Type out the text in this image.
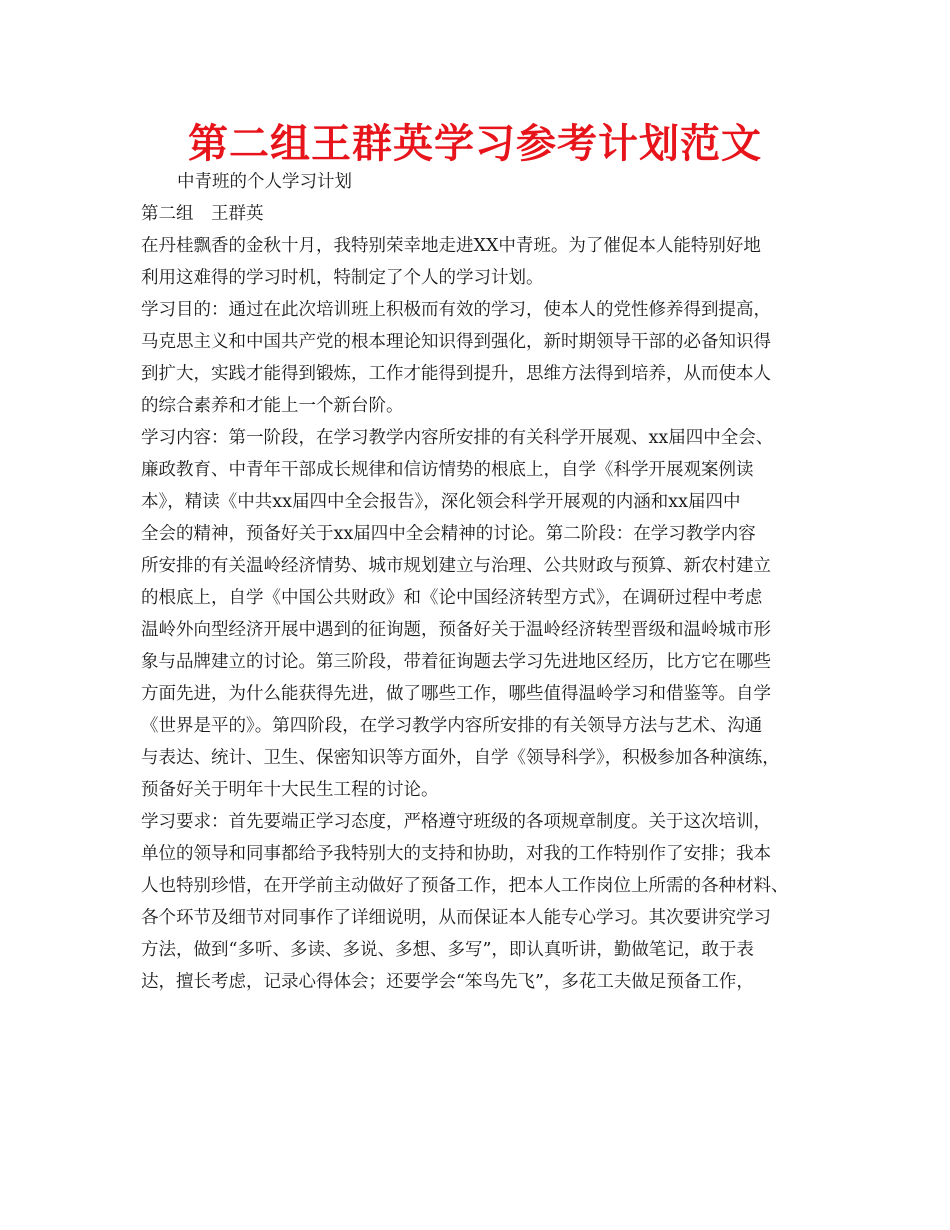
第二组王群英学习参考计划范文

中青班的个人学习计划

第二组　王群英

在丹桂飘香的金秋十月，我特别荣幸地走进XX中青班。为了催促本人能特别好地

利用这难得的学习时机，特制定了个人的学习计划。

学习目的：通过在此次培训班上积极而有效的学习，使本人的党性修养得到提高，

马克思主义和中国共产党的根本理论知识得到强化，新时期领导干部的必备知识得

到扩大，实践才能得到锻炼，工作才能得到提升，思维方法得到培养，从而使本人

的综合素养和才能上一个新台阶。

学习内容：第一阶段，在学习教学内容所安排的有关科学开展观、xx届四中全会、

廉政教育、中青年干部成长规律和信访情势的根底上，自学《科学开展观案例读

本》，精读《中共xx届四中全会报告》，深化领会科学开展观的内涵和xx届四中

全会的精神，预备好关于xx届四中全会精神的讨论。第二阶段：在学习教学内容

所安排的有关温岭经济情势、城市规划建立与治理、公共财政与预算、新农村建立

的根底上，自学《中国公共财政》和《论中国经济转型方式》，在调研过程中考虑

温岭外向型经济开展中遇到的征询题，预备好关于温岭经济转型晋级和温岭城市形

象与品牌建立的讨论。第三阶段，带着征询题去学习先进地区经历，比方它在哪些

方面先进，为什么能获得先进，做了哪些工作，哪些值得温岭学习和借鉴等。自学

《世界是平的》。第四阶段，在学习教学内容所安排的有关领导方法与艺术、沟通

与表达、统计、卫生、保密知识等方面外，自学《领导科学》，积极参加各种演练，

预备好关于明年十大民生工程的讨论。

学习要求：首先要端正学习态度，严格遵守班级的各项规章制度。关于这次培训，

单位的领导和同事都给予我特别大的支持和协助，对我的工作特别作了安排；我本

人也特别珍惜，在开学前主动做好了预备工作，把本人工作岗位上所需的各种材料、

各个环节及细节对同事作了详细说明，从而保证本人能专心学习。其次要讲究学习

方法，做到“多听、多读、多说、多想、多写”，即认真听讲，勤做笔记，敢于表

达，擅长考虑，记录心得体会；还要学会“笨鸟先飞”，多花工夫做足预备工作，
